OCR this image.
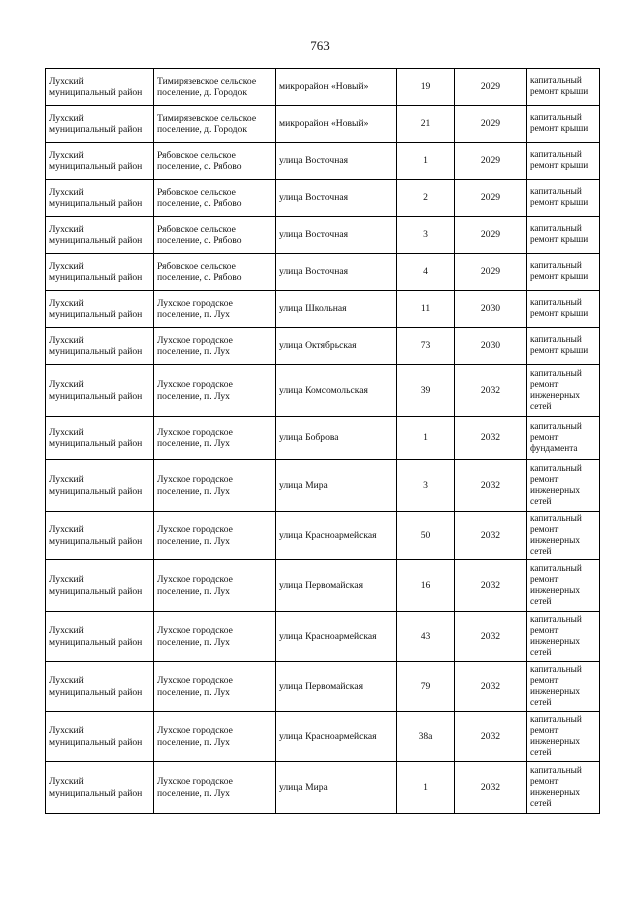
763
Лухский муниципальный район	Тимирязевское сельское поселение, д. Городок	микрорайон «Новый»	19	2029	капитальный ремонт крыши
Лухский муниципальный район	Тимирязевское сельское поселение, д. Городок	микрорайон «Новый»	21	2029	капитальный ремонт крыши
Лухский муниципальный район	Рябовское сельское поселение, с. Рябово	улица Восточная	1	2029	капитальный ремонт крыши
Лухский муниципальный район	Рябовское сельское поселение, с. Рябово	улица Восточная	2	2029	капитальный ремонт крыши
Лухский муниципальный район	Рябовское сельское поселение, с. Рябово	улица Восточная	3	2029	капитальный ремонт крыши
Лухский муниципальный район	Рябовское сельское поселение, с. Рябово	улица Восточная	4	2029	капитальный ремонт крыши
Лухский муниципальный район	Лухское городское поселение, п. Лух	улица Школьная	11	2030	капитальный ремонт крыши
Лухский муниципальный район	Лухское городское поселение, п. Лух	улица Октябрьская	73	2030	капитальный ремонт крыши
Лухский муниципальный район	Лухское городское поселение, п. Лух	улица Комсомольская	39	2032	капитальный ремонт инженерных сетей
Лухский муниципальный район	Лухское городское поселение, п. Лух	улица Боброва	1	2032	капитальный ремонт фундамента
Лухский муниципальный район	Лухское городское поселение, п. Лух	улица Мира	3	2032	капитальный ремонт инженерных сетей
Лухский муниципальный район	Лухское городское поселение, п. Лух	улица Красноармейская	50	2032	капитальный ремонт инженерных сетей
Лухский муниципальный район	Лухское городское поселение, п. Лух	улица Первомайская	16	2032	капитальный ремонт инженерных сетей
Лухский муниципальный район	Лухское городское поселение, п. Лух	улица Красноармейская	43	2032	капитальный ремонт инженерных сетей
Лухский муниципальный район	Лухское городское поселение, п. Лух	улица Первомайская	79	2032	капитальный ремонт инженерных сетей
Лухский муниципальный район	Лухское городское поселение, п. Лух	улица Красноармейская	38а	2032	капитальный ремонт инженерных сетей
Лухский муниципальный район	Лухское городское поселение, п. Лух	улица Мира	1	2032	капитальный ремонт инженерных сетей
